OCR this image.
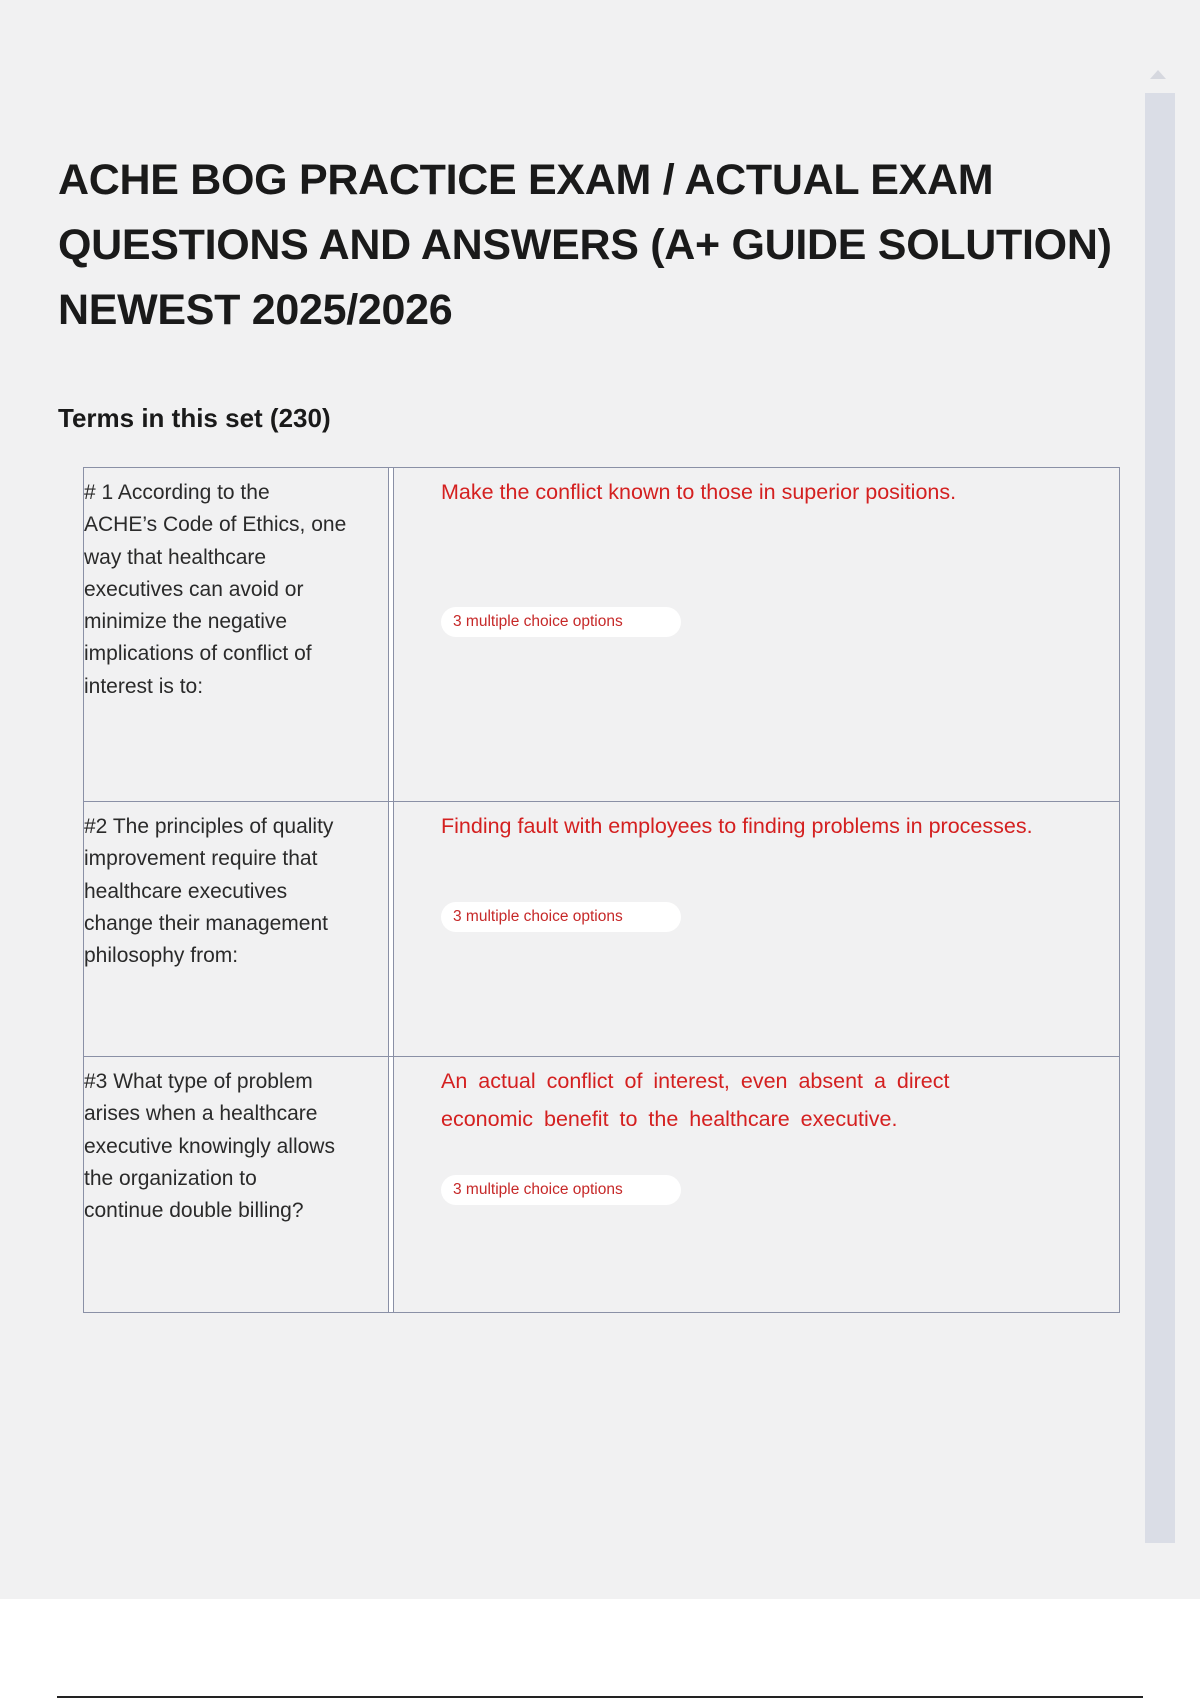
ACHE BOG PRACTICE EXAM / ACTUAL EXAM
QUESTIONS AND ANSWERS (A+ GUIDE SOLUTION)
NEWEST 2025/2026
Terms in this set (230)
# 1 According to the
ACHE’s Code of Ethics, one
way that healthcare
executives can avoid or
minimize the negative
implications of conflict of
interest is to:
Make the conflict known to those in superior positions.
3 multiple choice options
#2 The principles of quality
improvement require that
healthcare executives
change their management
philosophy from:
Finding fault with employees to finding problems in processes.
3 multiple choice options
#3 What type of problem
arises when a healthcare
executive knowingly allows
the organization to
continue double billing?
An actual conflict of interest, even absent a direct
economic benefit to the healthcare executive.
3 multiple choice options
